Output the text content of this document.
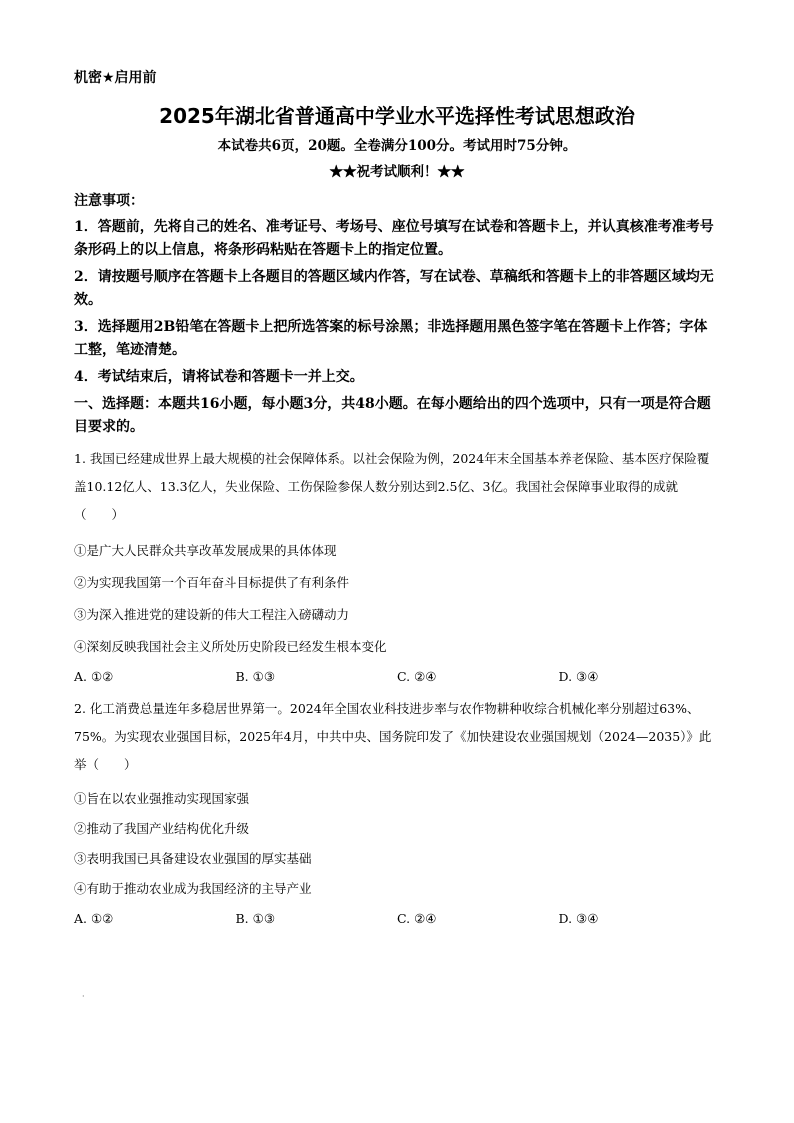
机密★启用前
2025年湖北省普通高中学业水平选择性考试思想政治
本试卷共6页，20题。全卷满分100分。考试用时75分钟。
★★祝考试顺利！★★
注意事项：
1．答题前，先将自己的姓名、准考证号、考场号、座位号填写在试卷和答题卡上，并认真核准考准考号条形码上的以上信息，将条形码粘贴在答题卡上的指定位置。
2．请按题号顺序在答题卡上各题目的答题区域内作答，写在试卷、草稿纸和答题卡上的非答题区域均无效。
3．选择题用2B铅笔在答题卡上把所选答案的标号涂黑；非选择题用黑色签字笔在答题卡上作答；字体工整，笔迹清楚。
4．考试结束后，请将试卷和答题卡一并上交。
一、选择题：本题共16小题，每小题3分，共48小题。在每小题给出的四个选项中，只有一项是符合题目要求的。
1. 我国已经建成世界上最大规模的社会保障体系。以社会保险为例，2024年末全国基本养老保险、基本医疗保险覆盖10.12亿人、13.3亿人，失业保险、工伤保险参保人数分别达到2.5亿、3亿。我国社会保障事业取得的成就（　　）
①是广大人民群众共享改革发展成果的具体体现
②为实现我国第一个百年奋斗目标提供了有利条件
③为深入推进党的建设新的伟大工程注入磅礴动力
④深刻反映我国社会主义所处历史阶段已经发生根本变化
A. ①②	B. ①③	C. ②④	D. ③④
2. 化工消费总量连年多稳居世界第一。2024年全国农业科技进步率与农作物耕种收综合机械化率分别超过63%、75%。为实现农业强国目标，2025年4月，中共中央、国务院印发了《加快建设农业强国规划（2024—2035）》此举（　　）
①旨在以农业强推动实现国家强
②推动了我国产业结构优化升级
③表明我国已具备建设农业强国的厚实基础
④有助于推动农业成为我国经济的主导产业
A. ①②	B. ①③	C. ②④	D. ③④
·
